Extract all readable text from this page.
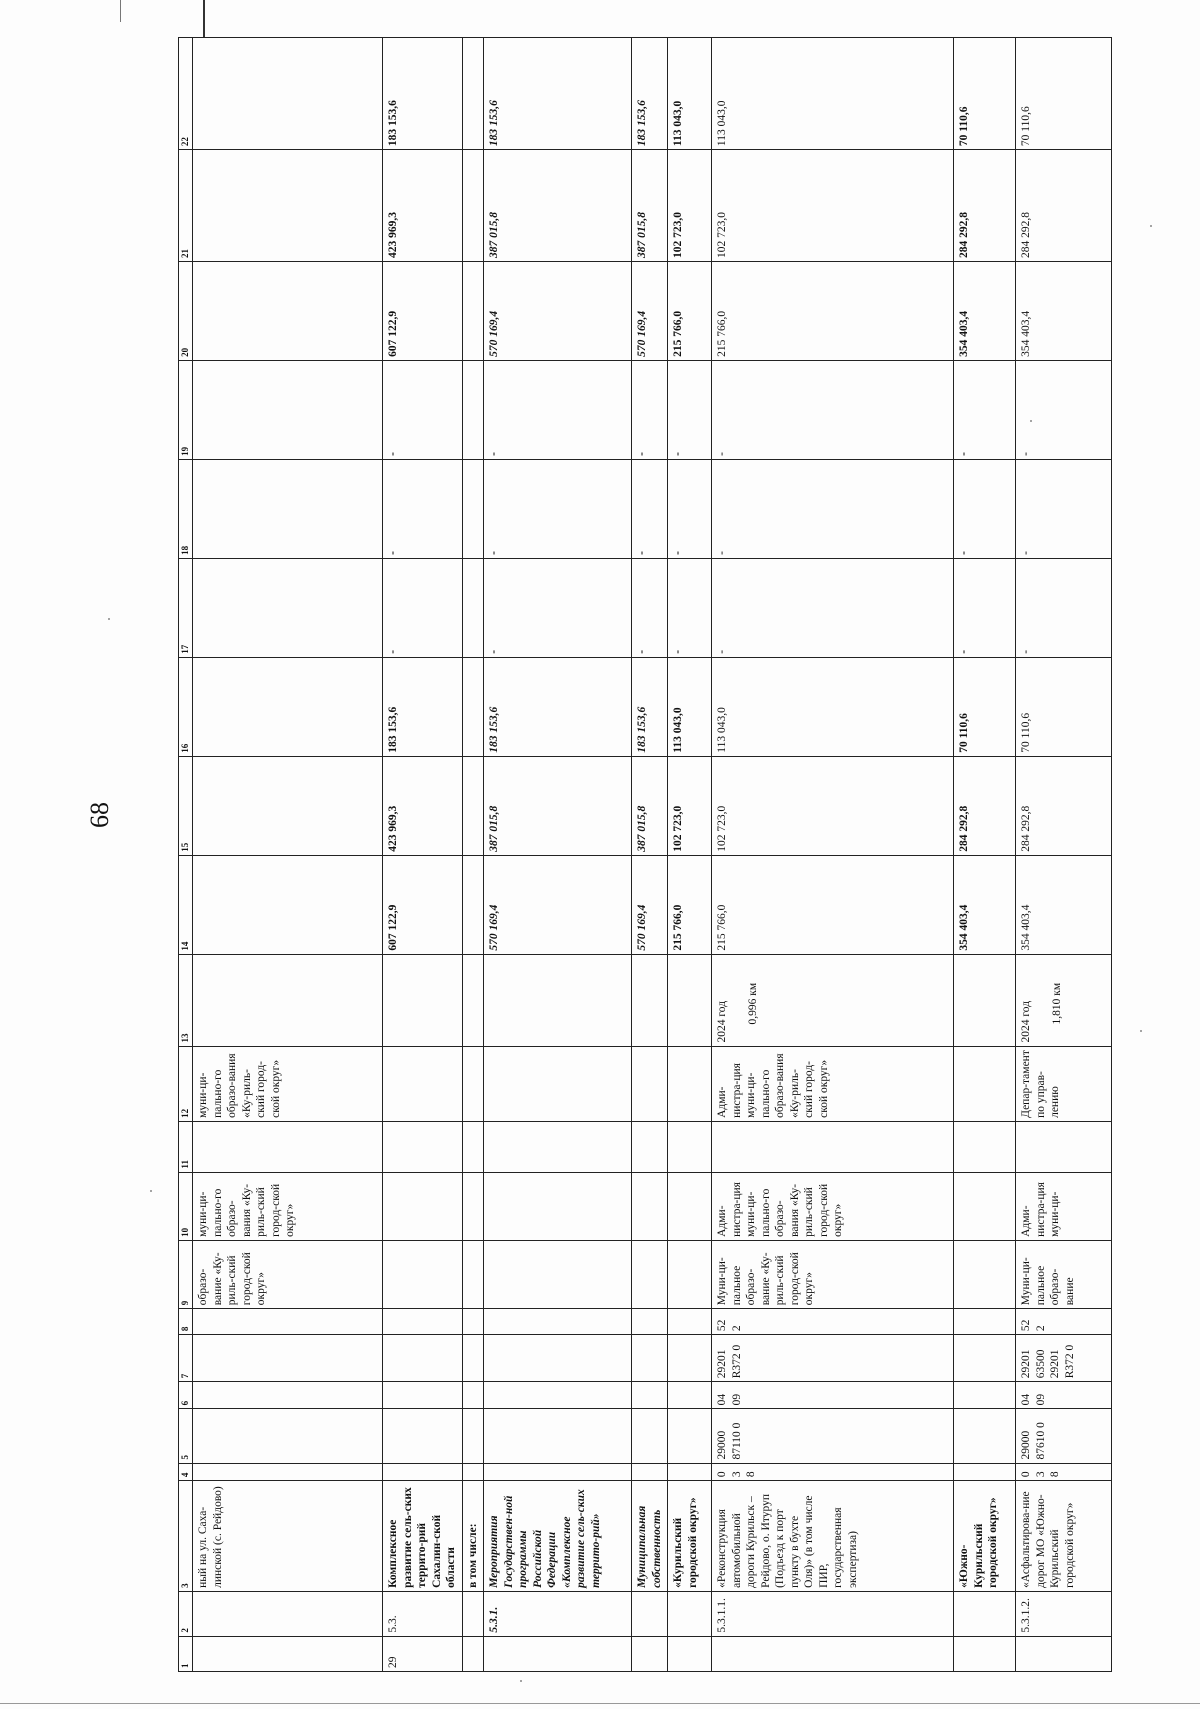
68
1	2	3	4	5	6	7	8	9	10	11	12	13	14	15	16	17	18	19	20	21	22
		ный на ул. Саха-линской (с. Рейдово)						образо-вание «Ку-риль-ский город-ской округ»	муни-ци-пально-го образо-вания «Ку-риль-ский город-ской округ»		муни-ци-пально-го образо-вания «Ку-риль-ский город-ской округ»										
29	5.3.	Комплексное развитие сель-ских террито-рий Сахалин-ской области											607 122,9	423 969,3	183 153,6	-	-	-	607 122,9	423 969,3	183 153,6
		в том числе:																			
	5.3.1.	Мероприятия Государствен-ной программы Российской Федерации «Комплексное развитие сель-ских террито-рий»											570 169,4	387 015,8	183 153,6	-	-	-	570 169,4	387 015,8	183 153,6
		Муниципальная собственность											570 169,4	387 015,8	183 153,6	-	-	-	570 169,4	387 015,8	183 153,6
		«Курильский городской округ»											215 766,0	102 723,0	113 043,0	-	-	-	215 766,0	102 723,0	113 043,0
	5.3.1.1.	«Реконструкция автомобильной дороги Курильск – Рейдово, о. Итуруп (Подъезд к порт пункту в бухте Оля)» (в том числе ПИР, государственная экспертиза)	0 3 8	29000 87110 0	04 09	29201 R372 0	52 2	Муни-ци-пальное образо-вание «Ку-риль-ский город-ской округ»	Адми-нистра-ция муни-ци-пально-го образо-вания «Ку-риль-ский город-ской округ»		Адми-нистра-ция муни-ци-пально-го образо-вания «Ку-риль-ский город-ской округ»	2024 год 0,996 км	215 766,0	102 723,0	113 043,0	-	-	-	215 766,0	102 723,0	113 043,0
		«Южно-Курильский городской округ»											354 403,4	284 292,8	70 110,6	-	-	-	354 403,4	284 292,8	70 110,6
	5.3.1.2.	«Асфальтирова-ние дорог МО «Южно-Курильский городской округ»	0 3 8	29000 87610 0	04 09	29201 63500 29201 R372 0	52 2	Муни-ци-пальное образо-вание	Адми-нистра-ция муни-ци-		Депар-тамент по управ-лению	2024 год 1,810 км	354 403,4	284 292,8	70 110,6	-	-	-	354 403,4	284 292,8	70 110,6
